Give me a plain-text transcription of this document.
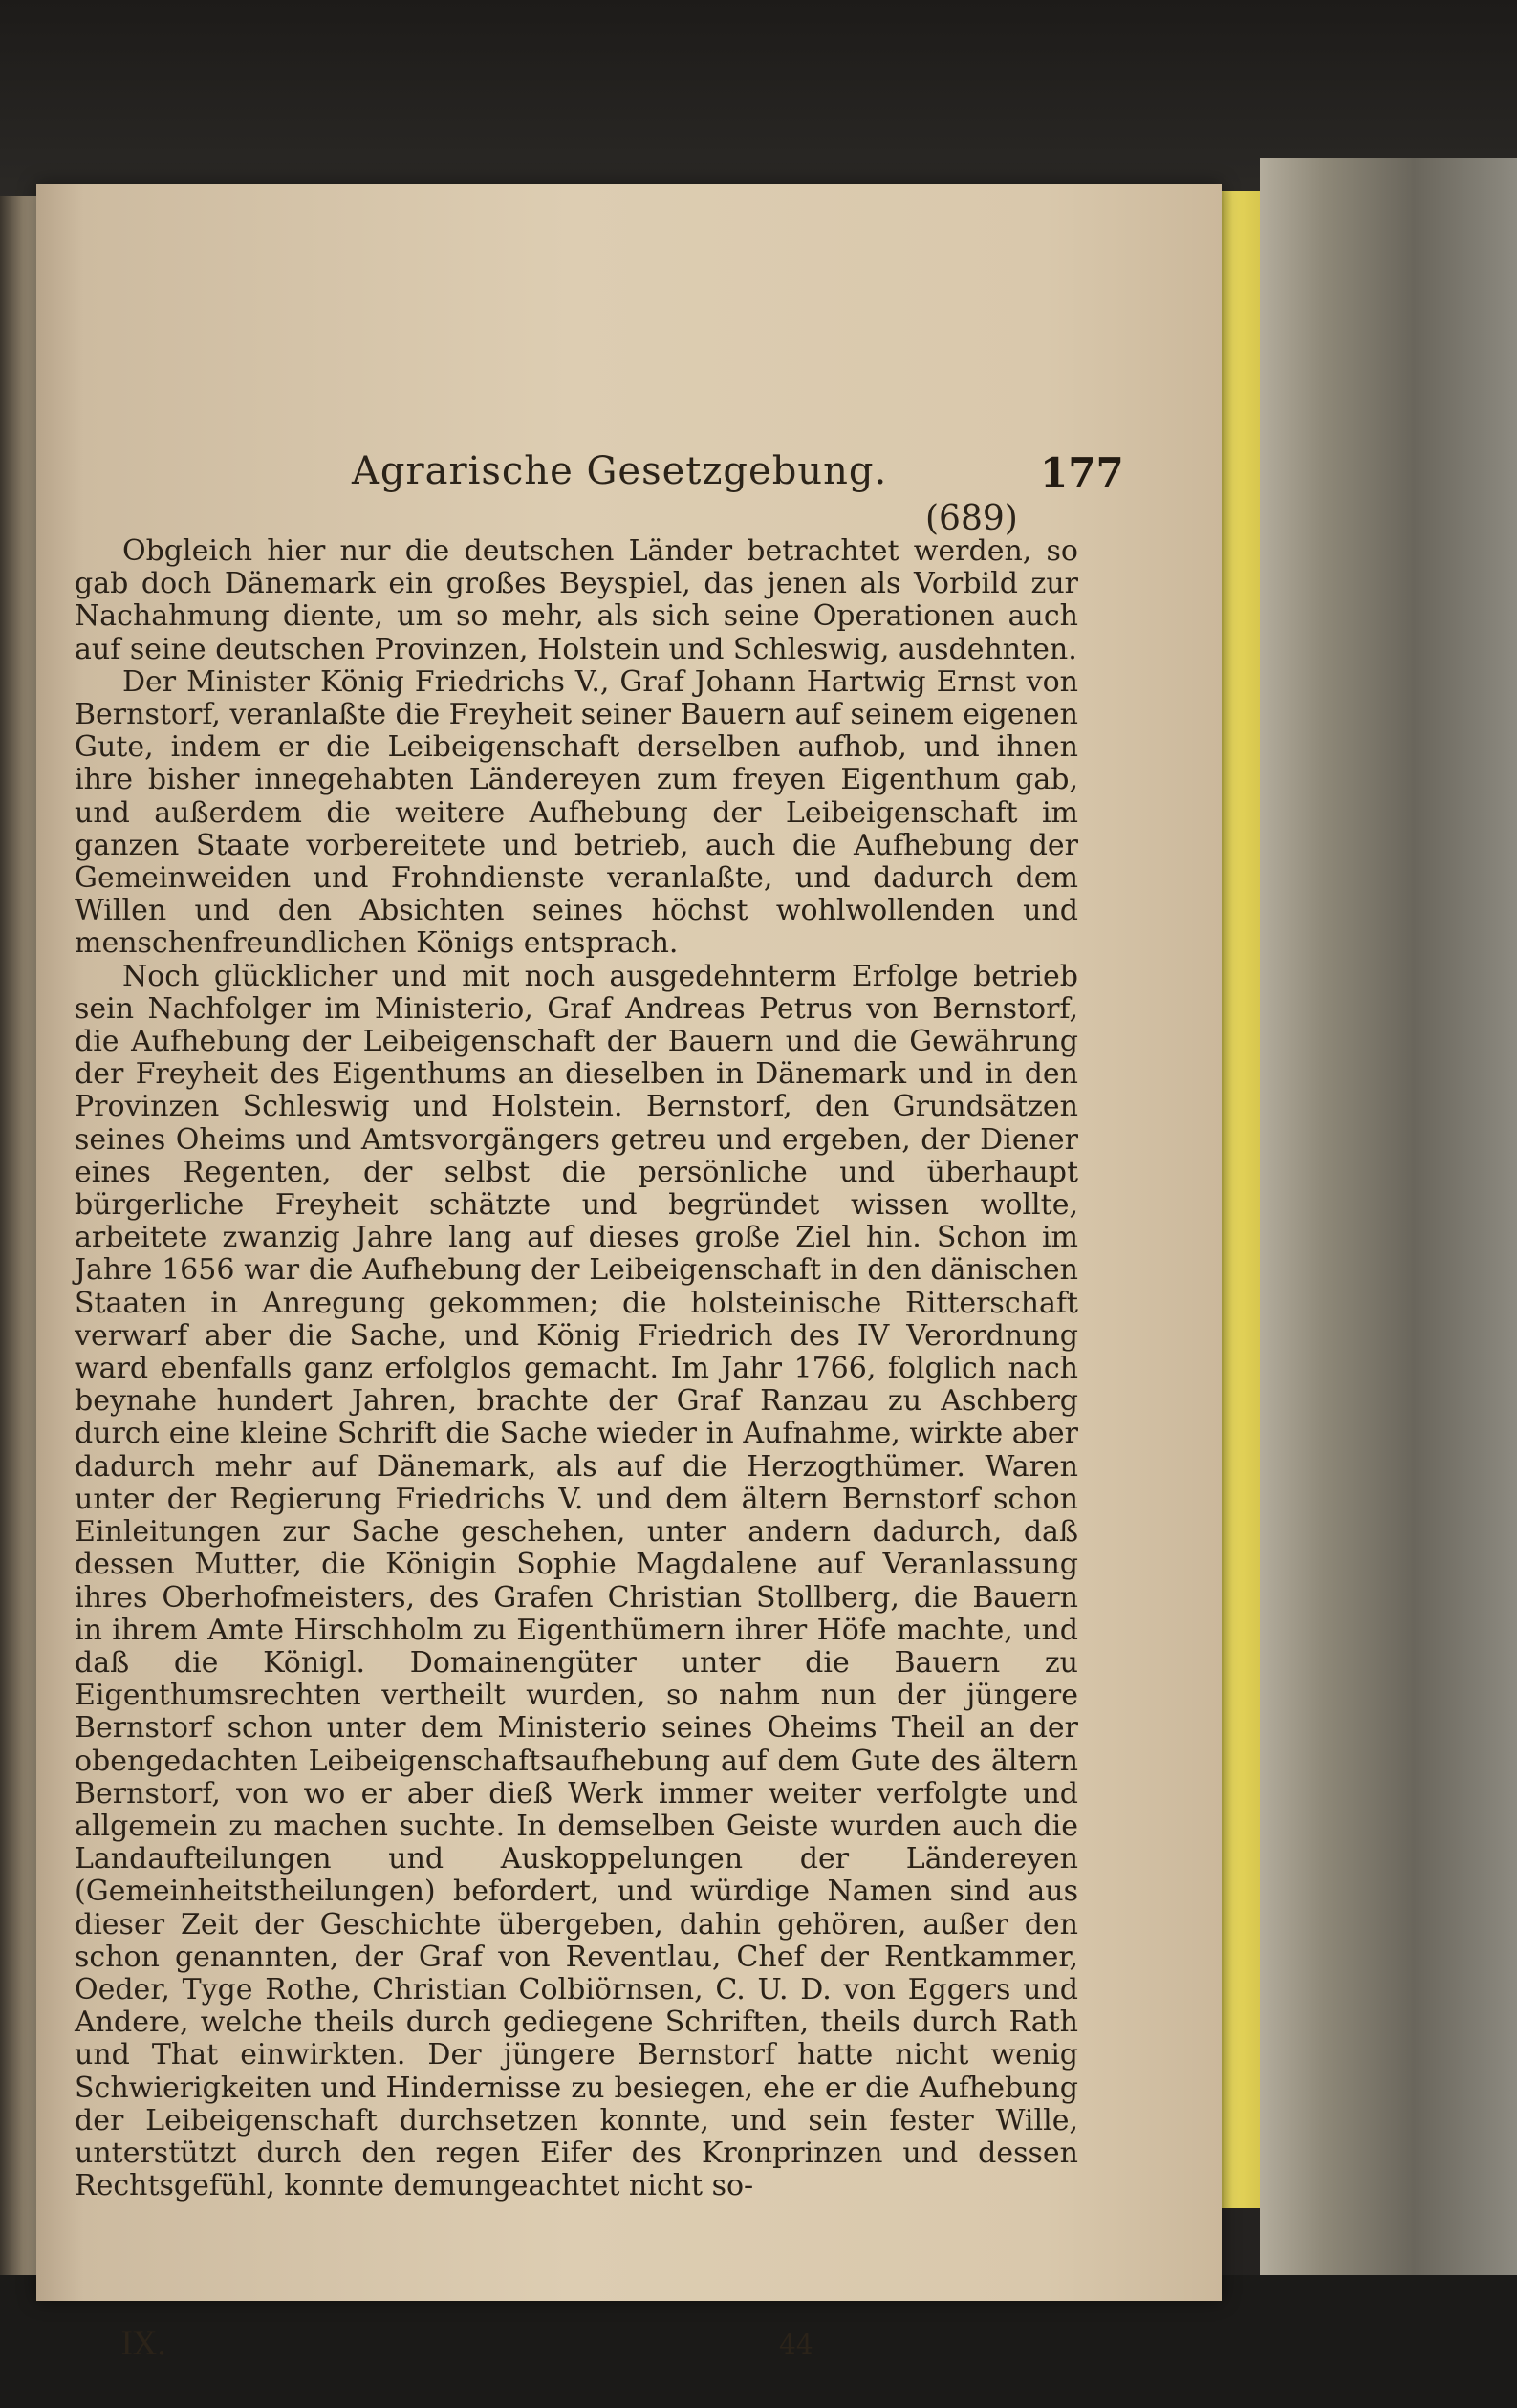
Agrarische Gesetzgebung.	177
(689)

Obgleich hier nur die deutschen Länder betrachtet werden, so gab doch Dänemark ein großes Beyspiel, das jenen als Vorbild zur Nachahmung diente, um so mehr, als sich seine Operationen auch auf seine deutschen Provinzen, Holstein und Schleswig, ausdehnten.

Der Minister König Friedrichs V., Graf Johann Hartwig Ernst von Bernstorf, veranlaßte die Freyheit seiner Bauern auf seinem eigenen Gute, indem er die Leibeigenschaft derselben aufhob, und ihnen ihre bisher innegehabten Ländereyen zum freyen Eigenthum gab, und außerdem die weitere Aufhebung der Leibeigenschaft im ganzen Staate vorbereitete und betrieb, auch die Aufhebung der Gemeinweiden und Frohndienste veranlaßte, und dadurch dem Willen und den Absichten seines höchst wohlwollenden und menschenfreundlichen Königs entsprach.

Noch glücklicher und mit noch ausgedehnterm Erfolge betrieb sein Nachfolger im Ministerio, Graf Andreas Petrus von Bernstorf, die Aufhebung der Leibeigenschaft der Bauern und die Gewährung der Freyheit des Eigenthums an dieselben in Dänemark und in den Provinzen Schleswig und Holstein. Bernstorf, den Grundsätzen seines Oheims und Amtsvorgängers getreu und ergeben, der Diener eines Regenten, der selbst die persönliche und überhaupt bürgerliche Freyheit schätzte und begründet wissen wollte, arbeitete zwanzig Jahre lang auf dieses große Ziel hin. Schon im Jahre 1656 war die Aufhebung der Leibeigenschaft in den dänischen Staaten in Anregung gekommen; die holsteinische Ritterschaft verwarf aber die Sache, und König Friedrich des IV Verordnung ward ebenfalls ganz erfolglos gemacht. Im Jahr 1766, folglich nach beynahe hundert Jahren, brachte der Graf Ranzau zu Aschberg durch eine kleine Schrift die Sache wieder in Aufnahme, wirkte aber dadurch mehr auf Dänemark, als auf die Herzogthümer. Waren unter der Regierung Friedrichs V. und dem ältern Bernstorf schon Einleitungen zur Sache geschehen, unter andern dadurch, daß dessen Mutter, die Königin Sophie Magdalene auf Veranlassung ihres Oberhofmeisters, des Grafen Christian Stollberg, die Bauern in ihrem Amte Hirschholm zu Eigenthümern ihrer Höfe machte, und daß die Königl. Domainengüter unter die Bauern zu Eigenthumsrechten vertheilt wurden, so nahm nun der jüngere Bernstorf schon unter dem Ministerio seines Oheims Theil an der obengedachten Leibeigenschaftsaufhebung auf dem Gute des ältern Bernstorf, von wo er aber dieß Werk immer weiter verfolgte und allgemein zu machen suchte. In demselben Geiste wurden auch die Landaufteilungen und Auskoppelungen der Ländereyen (Gemeinheitstheilungen) befordert, und würdige Namen sind aus dieser Zeit der Geschichte übergeben, dahin gehören, außer den schon genannten, der Graf von Reventlau, Chef der Rentkammer, Oeder, Tyge Rothe, Christian Colbiörnsen, C. U. D. von Eggers und Andere, welche theils durch gediegene Schriften, theils durch Rath und That einwirkten. Der jüngere Bernstorf hatte nicht wenig Schwierigkeiten und Hindernisse zu besiegen, ehe er die Aufhebung der Leibeigenschaft durchsetzen konnte, und sein fester Wille, unterstützt durch den regen Eifer des Kronprinzen und dessen Rechtsgefühl, konnte demungeachtet nicht so-

IX.	44
